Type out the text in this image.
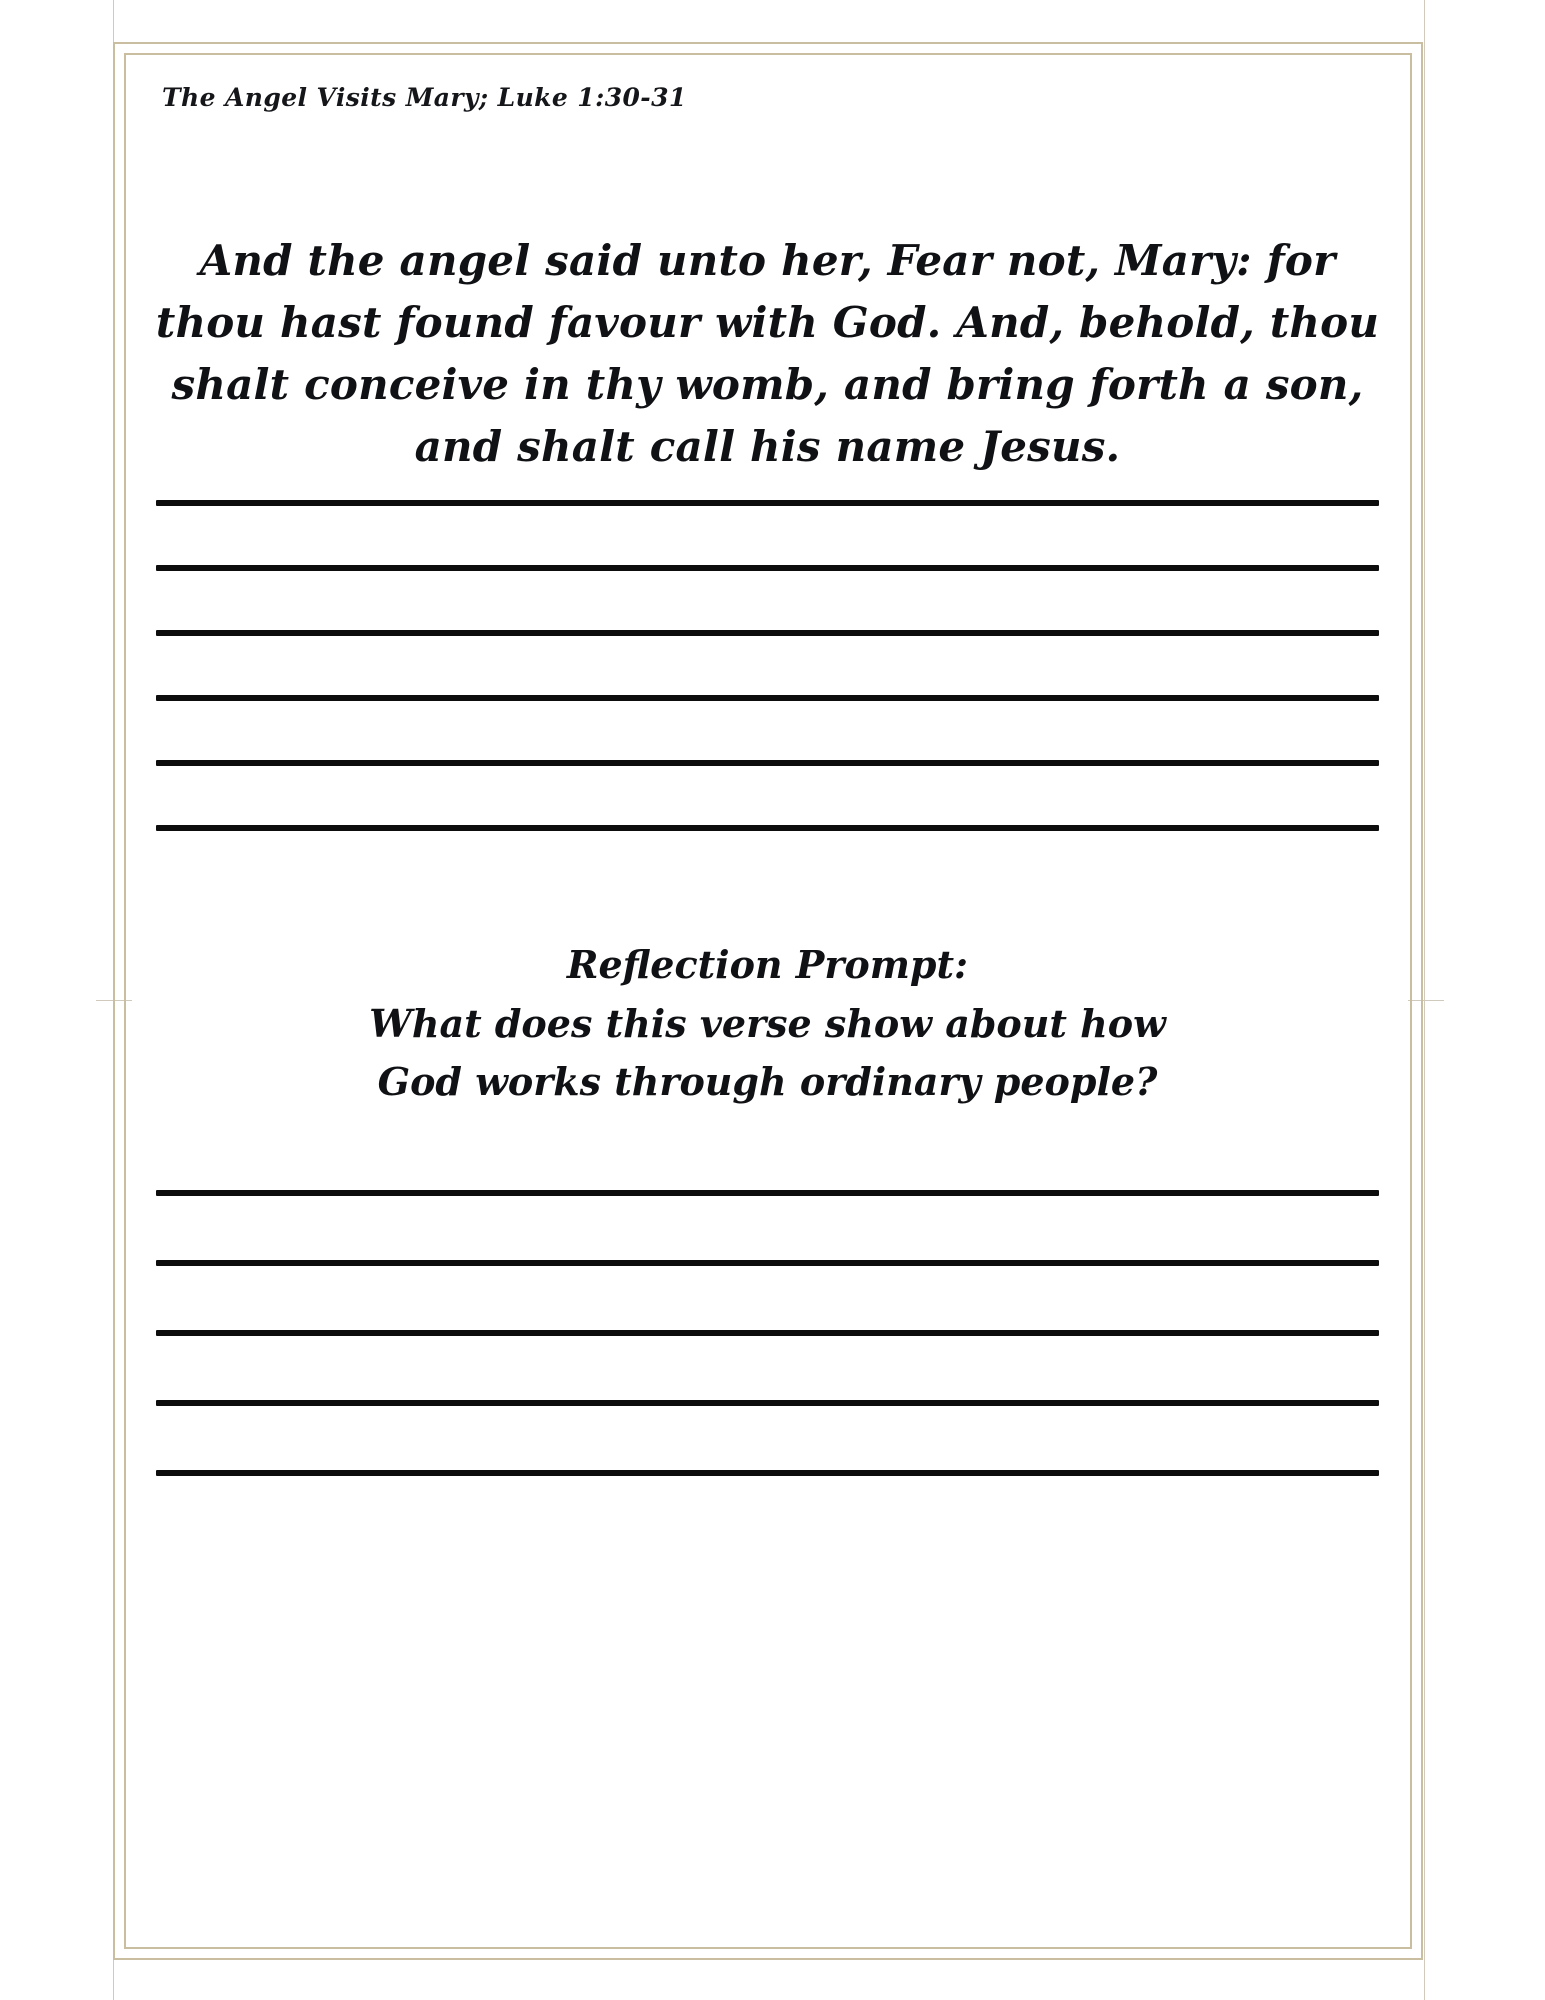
The Angel Visits Mary; Luke 1:30-31
And the angel said unto her, Fear not, Mary: for thou hast found favour with God. And, behold, thou shalt conceive in thy womb, and bring forth a son, and shalt call his name Jesus.
Reflection Prompt:
What does this verse show about how
God works through ordinary people?
